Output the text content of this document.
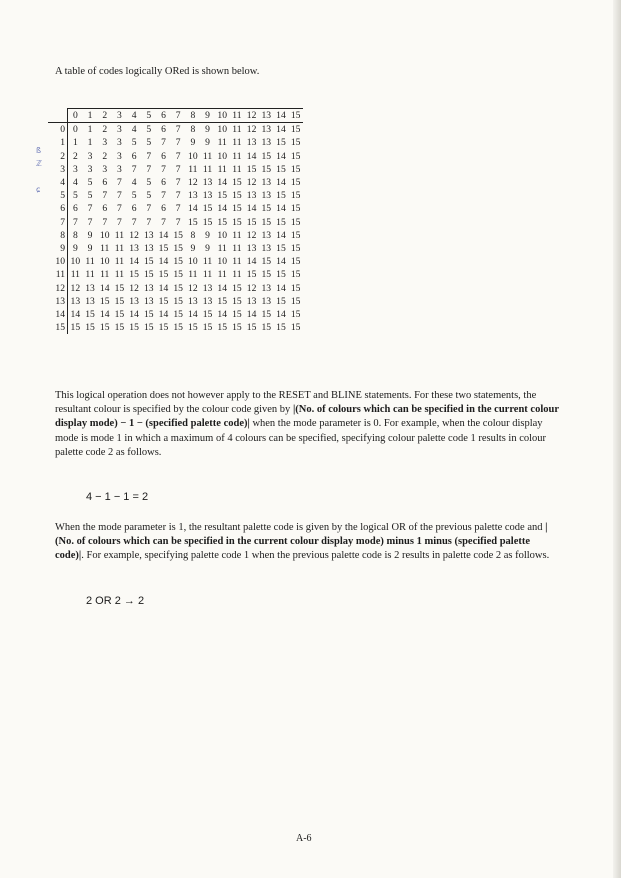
A table of codes logically ORed is shown below.

	0	1	2	3	4	5	6	7	8	9	10	11	12	13	14	15
0	0	1	2	3	4	5	6	7	8	9	10	11	12	13	14	15
1	1	1	3	3	5	5	7	7	9	9	11	11	13	13	15	15
2	2	3	2	3	6	7	6	7	10	11	10	11	14	15	14	15
3	3	3	3	3	7	7	7	7	11	11	11	11	15	15	15	15
4	4	5	6	7	4	5	6	7	12	13	14	15	12	13	14	15
5	5	5	7	7	5	5	7	7	13	13	15	15	13	13	15	15
6	6	7	6	7	6	7	6	7	14	15	14	15	14	15	14	15
7	7	7	7	7	7	7	7	7	15	15	15	15	15	15	15	15
8	8	9	10	11	12	13	14	15	8	9	10	11	12	13	14	15
9	9	9	11	11	13	13	15	15	9	9	11	11	13	13	15	15
10	10	11	10	11	14	15	14	15	10	11	10	11	14	15	14	15
11	11	11	11	11	15	15	15	15	11	11	11	11	15	15	15	15
12	12	13	14	15	12	13	14	15	12	13	14	15	12	13	14	15
13	13	13	15	15	13	13	15	15	13	13	15	15	13	13	15	15
14	14	15	14	15	14	15	14	15	14	15	14	15	14	15	14	15
15	15	15	15	15	15	15	15	15	15	15	15	15	15	15	15	15
ß
ℤ
ɕ

This logical operation does not however apply to the RESET and BLINE statements. For these two statements, the resultant colour is specified by the colour code given by |(No. of colours which can be specified in the current colour display mode) − 1 − (specified palette code)| when the mode parameter is 0. For example, when the colour display mode is mode 1 in which a maximum of 4 colours can be specified, specifying colour palette code 1 results in colour palette code 2 as follows.

4 − 1 − 1 = 2

When the mode parameter is 1, the resultant palette code is given by the logical OR of the previous palette code and |(No. of colours which can be specified in the current colour display mode) minus 1 minus (specified palette code)|. For example, specifying palette code 1 when the previous palette code is 2 results in palette code 2 as follows.

2 OR 2 → 2

A-6
